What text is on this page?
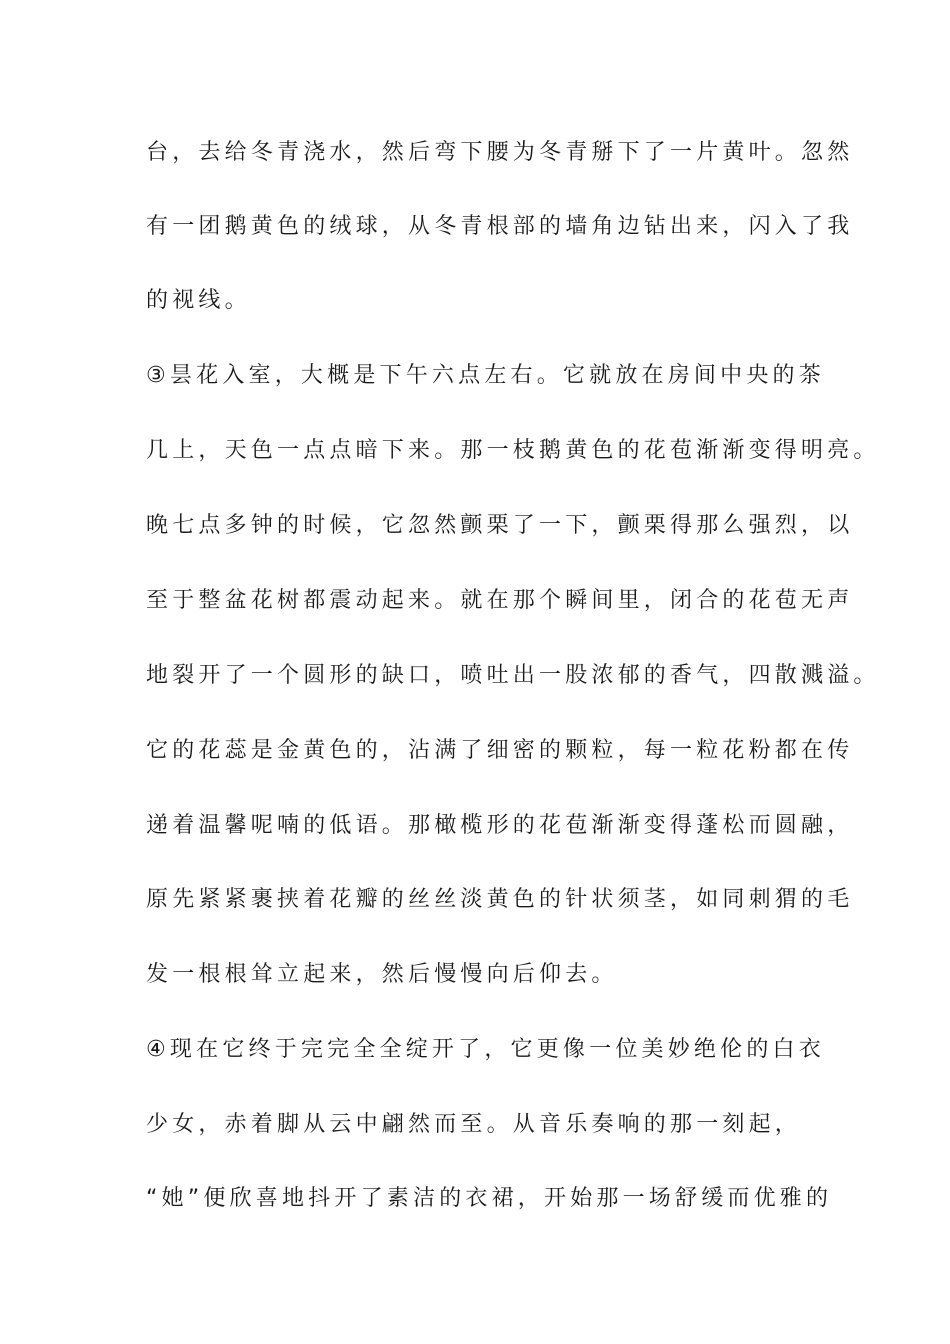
台，去给冬青浇水，然后弯下腰为冬青掰下了一片黄叶。忽然
有一团鹅黄色的绒球，从冬青根部的墙角边钻出来，闪入了我
的视线。
③昙花入室，大概是下午六点左右。它就放在房间中央的茶
几上，天色一点点暗下来。那一枝鹅黄色的花苞渐渐变得明亮。
晚七点多钟的时候，它忽然颤栗了一下，颤栗得那么强烈，以
至于整盆花树都震动起来。就在那个瞬间里，闭合的花苞无声
地裂开了一个圆形的缺口，喷吐出一股浓郁的香气，四散溅溢。
它的花蕊是金黄色的，沾满了细密的颗粒，每一粒花粉都在传
递着温馨呢喃的低语。那橄榄形的花苞渐渐变得蓬松而圆融，
原先紧紧裹挟着花瓣的丝丝淡黄色的针状须茎，如同刺猬的毛
发一根根耸立起来，然后慢慢向后仰去。
④现在它终于完完全全绽开了，它更像一位美妙绝伦的白衣
少女，赤着脚从云中翩然而至。从音乐奏响的那一刻起，
“她”便欣喜地抖开了素洁的衣裙，开始那一场舒缓而优雅的
